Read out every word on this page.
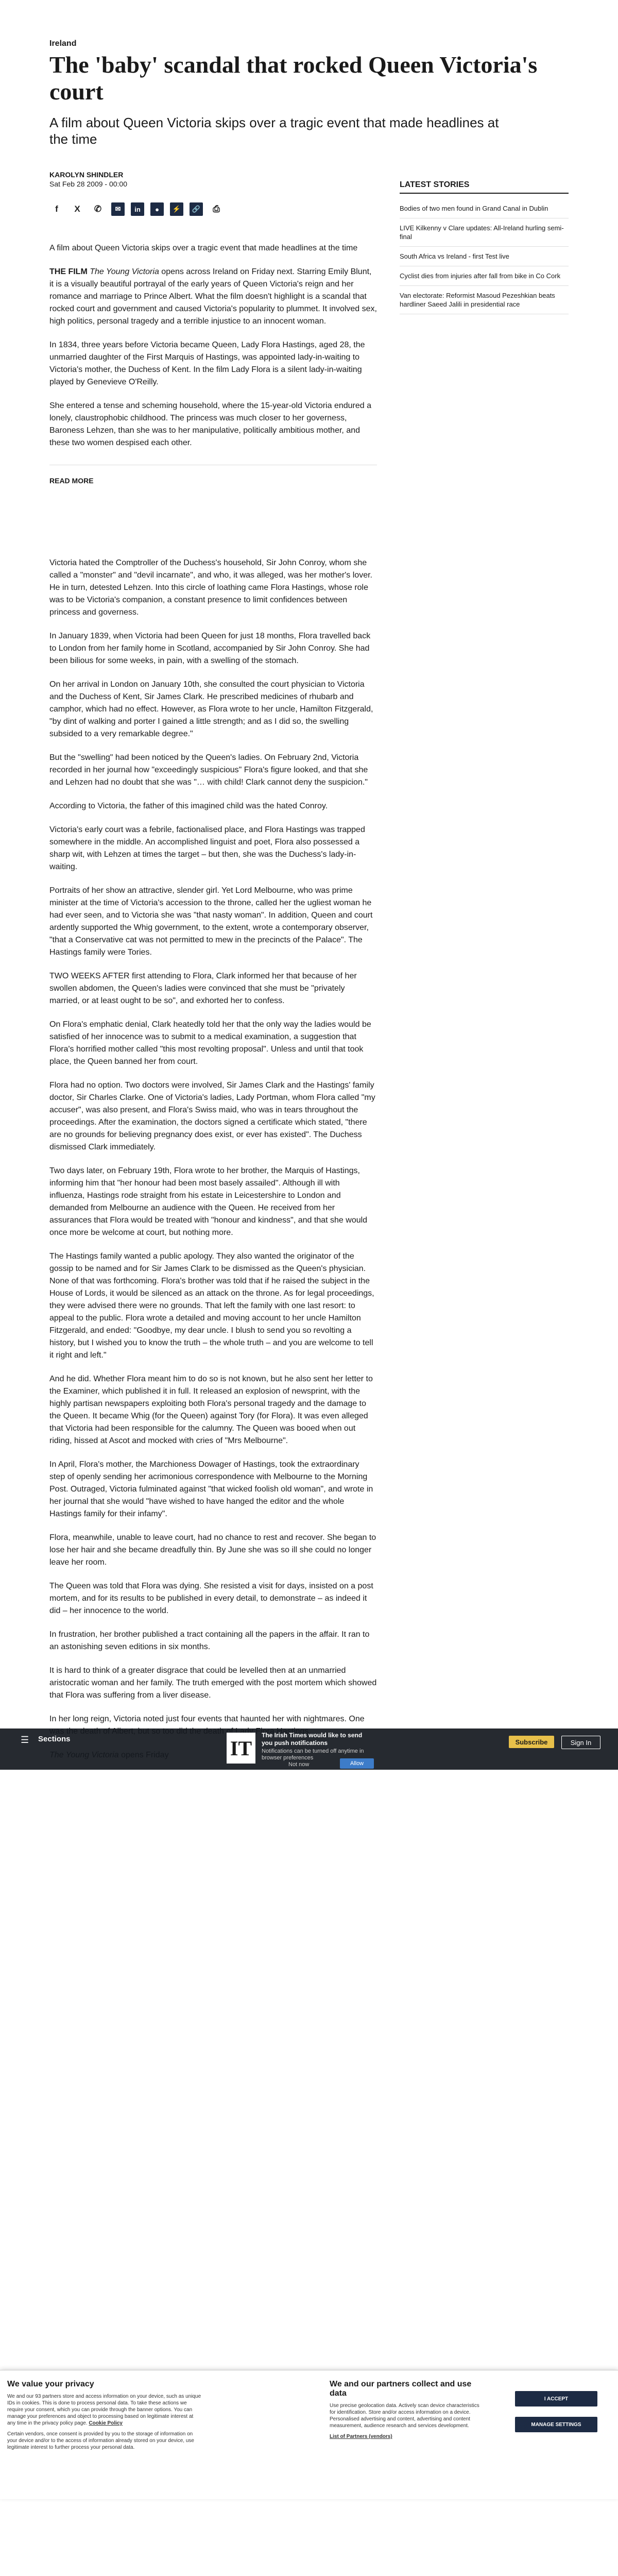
Ireland
The 'baby' scandal that rocked Queen Victoria's court

A film about Queen Victoria skips over a tragic event that made headlines at the time

KAROLYN SHINDLER
Sat Feb 28 2009 - 00:00
f	X	✆	✉	in	●	⚡	🔗	⎙

A film about Queen Victoria skips over a tragic event that made headlines at the time

THE FILM The Young Victoria opens across Ireland on Friday next. Starring Emily Blunt, it is a visually beautiful portrayal of the early years of Queen Victoria's reign and her romance and marriage to Prince Albert. What the film doesn't highlight is a scandal that rocked court and government and caused Victoria's popularity to plummet. It involved sex, high politics, personal tragedy and a terrible injustice to an innocent woman.

In 1834, three years before Victoria became Queen, Lady Flora Hastings, aged 28, the unmarried daughter of the First Marquis of Hastings, was appointed lady-in-waiting to Victoria's mother, the Duchess of Kent. In the film Lady Flora is a silent lady-in-waiting played by Genevieve O'Reilly.

She entered a tense and scheming household, where the 15-year-old Victoria endured a lonely, claustrophobic childhood. The princess was much closer to her governess, Baroness Lehzen, than she was to her manipulative, politically ambitious mother, and these two women despised each other.

READ MORE

Victoria hated the Comptroller of the Duchess's household, Sir John Conroy, whom she called a "monster" and "devil incarnate", and who, it was alleged, was her mother's lover. He in turn, detested Lehzen. Into this circle of loathing came Flora Hastings, whose role was to be Victoria's companion, a constant presence to limit confidences between princess and governess.

In January 1839, when Victoria had been Queen for just 18 months, Flora travelled back to London from her family home in Scotland, accompanied by Sir John Conroy. She had been bilious for some weeks, in pain, with a swelling of the stomach.

On her arrival in London on January 10th, she consulted the court physician to Victoria and the Duchess of Kent, Sir James Clark. He prescribed medicines of rhubarb and camphor, which had no effect. However, as Flora wrote to her uncle, Hamilton Fitzgerald, "by dint of walking and porter I gained a little strength; and as I did so, the swelling subsided to a very remarkable degree."

But the "swelling" had been noticed by the Queen's ladies. On February 2nd, Victoria recorded in her journal how "exceedingly suspicious" Flora's figure looked, and that she and Lehzen had no doubt that she was "… with child! Clark cannot deny the suspicion."

According to Victoria, the father of this imagined child was the hated Conroy.

Victoria's early court was a febrile, factionalised place, and Flora Hastings was trapped somewhere in the middle. An accomplished linguist and poet, Flora also possessed a sharp wit, with Lehzen at times the target – but then, she was the Duchess's lady-in-waiting.

Portraits of her show an attractive, slender girl. Yet Lord Melbourne, who was prime minister at the time of Victoria's accession to the throne, called her the ugliest woman he had ever seen, and to Victoria she was "that nasty woman". In addition, Queen and court ardently supported the Whig government, to the extent, wrote a contemporary observer, "that a Conservative cat was not permitted to mew in the precincts of the Palace". The Hastings family were Tories.

TWO WEEKS AFTER first attending to Flora, Clark informed her that because of her swollen abdomen, the Queen's ladies were convinced that she must be "privately married, or at least ought to be so", and exhorted her to confess.

On Flora's emphatic denial, Clark heatedly told her that the only way the ladies would be satisfied of her innocence was to submit to a medical examination, a suggestion that Flora's horrified mother called "this most revolting proposal". Unless and until that took place, the Queen banned her from court.

Flora had no option. Two doctors were involved, Sir James Clark and the Hastings' family doctor, Sir Charles Clarke. One of Victoria's ladies, Lady Portman, whom Flora called "my accuser", was also present, and Flora's Swiss maid, who was in tears throughout the proceedings. After the examination, the doctors signed a certificate which stated, "there are no grounds for believing pregnancy does exist, or ever has existed". The Duchess dismissed Clark immediately.

Two days later, on February 19th, Flora wrote to her brother, the Marquis of Hastings, informing him that "her honour had been most basely assailed". Although ill with influenza, Hastings rode straight from his estate in Leicestershire to London and demanded from Melbourne an audience with the Queen. He received from her assurances that Flora would be treated with "honour and kindness", and that she would once more be welcome at court, but nothing more.

The Hastings family wanted a public apology. They also wanted the originator of the gossip to be named and for Sir James Clark to be dismissed as the Queen's physician. None of that was forthcoming. Flora's brother was told that if he raised the subject in the House of Lords, it would be silenced as an attack on the throne. As for legal proceedings, they were advised there were no grounds. That left the family with one last resort: to appeal to the public. Flora wrote a detailed and moving account to her uncle Hamilton Fitzgerald, and ended: "Goodbye, my dear uncle. I blush to send you so revolting a history, but I wished you to know the truth – the whole truth – and you are welcome to tell it right and left."

And he did. Whether Flora meant him to do so is not known, but he also sent her letter to the Examiner, which published it in full. It released an explosion of newsprint, with the highly partisan newspapers exploiting both Flora's personal tragedy and the damage to the Queen. It became Whig (for the Queen) against Tory (for Flora). It was even alleged that Victoria had been responsible for the calumny. The Queen was booed when out riding, hissed at Ascot and mocked with cries of "Mrs Melbourne".

In April, Flora's mother, the Marchioness Dowager of Hastings, took the extraordinary step of openly sending her acrimonious correspondence with Melbourne to the Morning Post. Outraged, Victoria fulminated against "that wicked foolish old woman", and wrote in her journal that she would "have wished to have hanged the editor and the whole Hastings family for their infamy".

Flora, meanwhile, unable to leave court, had no chance to rest and recover. She began to lose her hair and she became dreadfully thin. By June she was so ill she could no longer leave her room.

The Queen was told that Flora was dying. She resisted a visit for days, insisted on a post mortem, and for its results to be published in every detail, to demonstrate – as indeed it did – her innocence to the world.

In frustration, her brother published a tract containing all the papers in the affair. It ran to an astonishing seven editions in six months.

It is hard to think of a greater disgrace that could be levelled then at an unmarried aristocratic woman and her family. The truth emerged with the post mortem which showed that Flora was suffering from a liver disease.

In her long reign, Victoria noted just four events that haunted her with nightmares. One

LATEST STORIES
Bodies of two men found in Grand Canal in Dublin
LIVE Kilkenny v Clare updates: All-Ireland hurling semi-final
South Africa vs Ireland - first Test live
Cyclist dies from injuries after fall from bike in Co Cork
Van electorate: Reformist Masoud Pezeshkian beats hardliner Saeed Jalili in presidential race
☰ Sections	IT
The Irish Times would like to send you push notifications
Notifications can be turned off anytime in browser preferences
Not now	Allow
Subscribe	Sign In
We value your privacy

We and our 93 partners store and access information on your device, such as unique IDs in cookies. This is done to process personal data. To take these actions we require your consent, which you can provide through the banner options. You can manage your preferences and object to processing based on legitimate interest at any time in the privacy policy page. Cookie Policy

Certain vendors, once consent is provided by you to the storage of information on your device and/or to the access of information already stored on your device, use legitimate interest to further process your personal data.

We and our partners collect and use data

Use precise geolocation data. Actively scan device characteristics for identification. Store and/or access information on a device. Personalised advertising and content, advertising and content measurement, audience research and services development.

List of Partners (vendors)

I ACCEPT
MANAGE SETTINGS
